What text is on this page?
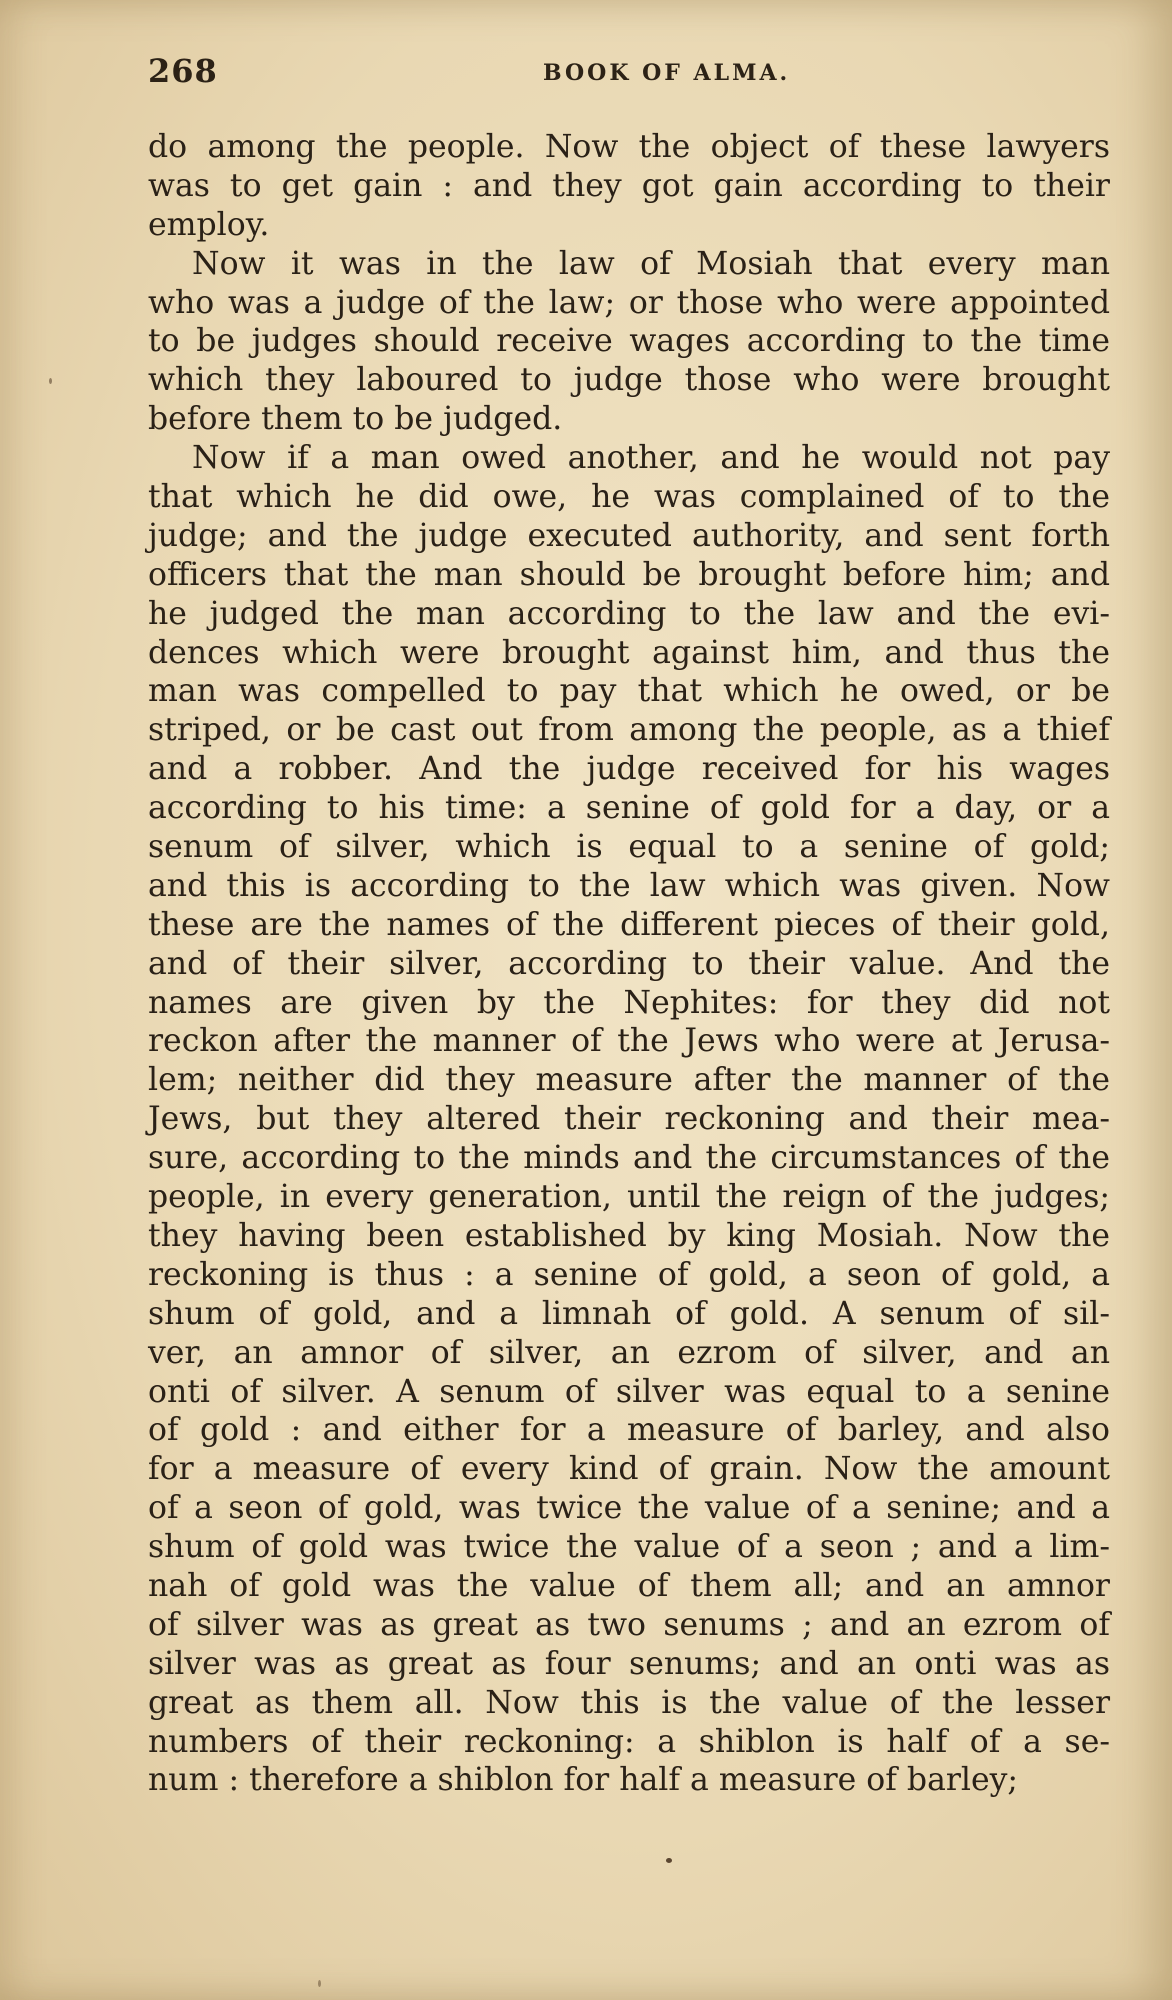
268	BOOK OF ALMA.
do among the people. Now the object of these lawyers
was to get gain : and they got gain according to their
employ.
Now it was in the law of Mosiah that every man
who was a judge of the law; or those who were appointed
to be judges should receive wages according to the time
which they laboured to judge those who were brought
before them to be judged.
Now if a man owed another, and he would not pay
that which he did owe, he was complained of to the
judge; and the judge executed authority, and sent forth
officers that the man should be brought before him; and
he judged the man according to the law and the evi-
dences which were brought against him, and thus the
man was compelled to pay that which he owed, or be
striped, or be cast out from among the people, as a thief
and a robber. And the judge received for his wages
according to his time: a senine of gold for a day, or a
senum of silver, which is equal to a senine of gold;
and this is according to the law which was given. Now
these are the names of the different pieces of their gold,
and of their silver, according to their value. And the
names are given by the Nephites: for they did not
reckon after the manner of the Jews who were at Jerusa-
lem; neither did they measure after the manner of the
Jews, but they altered their reckoning and their mea-
sure, according to the minds and the circumstances of the
people, in every generation, until the reign of the judges;
they having been established by king Mosiah. Now the
reckoning is thus : a senine of gold, a seon of gold, a
shum of gold, and a limnah of gold. A senum of sil-
ver, an amnor of silver, an ezrom of silver, and an
onti of silver. A senum of silver was equal to a senine
of gold : and either for a measure of barley, and also
for a measure of every kind of grain. Now the amount
of a seon of gold, was twice the value of a senine; and a
shum of gold was twice the value of a seon ; and a lim-
nah of gold was the value of them all; and an amnor
of silver was as great as two senums ; and an ezrom of
silver was as great as four senums; and an onti was as
great as them all. Now this is the value of the lesser
numbers of their reckoning: a shiblon is half of a se-
num : therefore a shiblon for half a measure of barley;
